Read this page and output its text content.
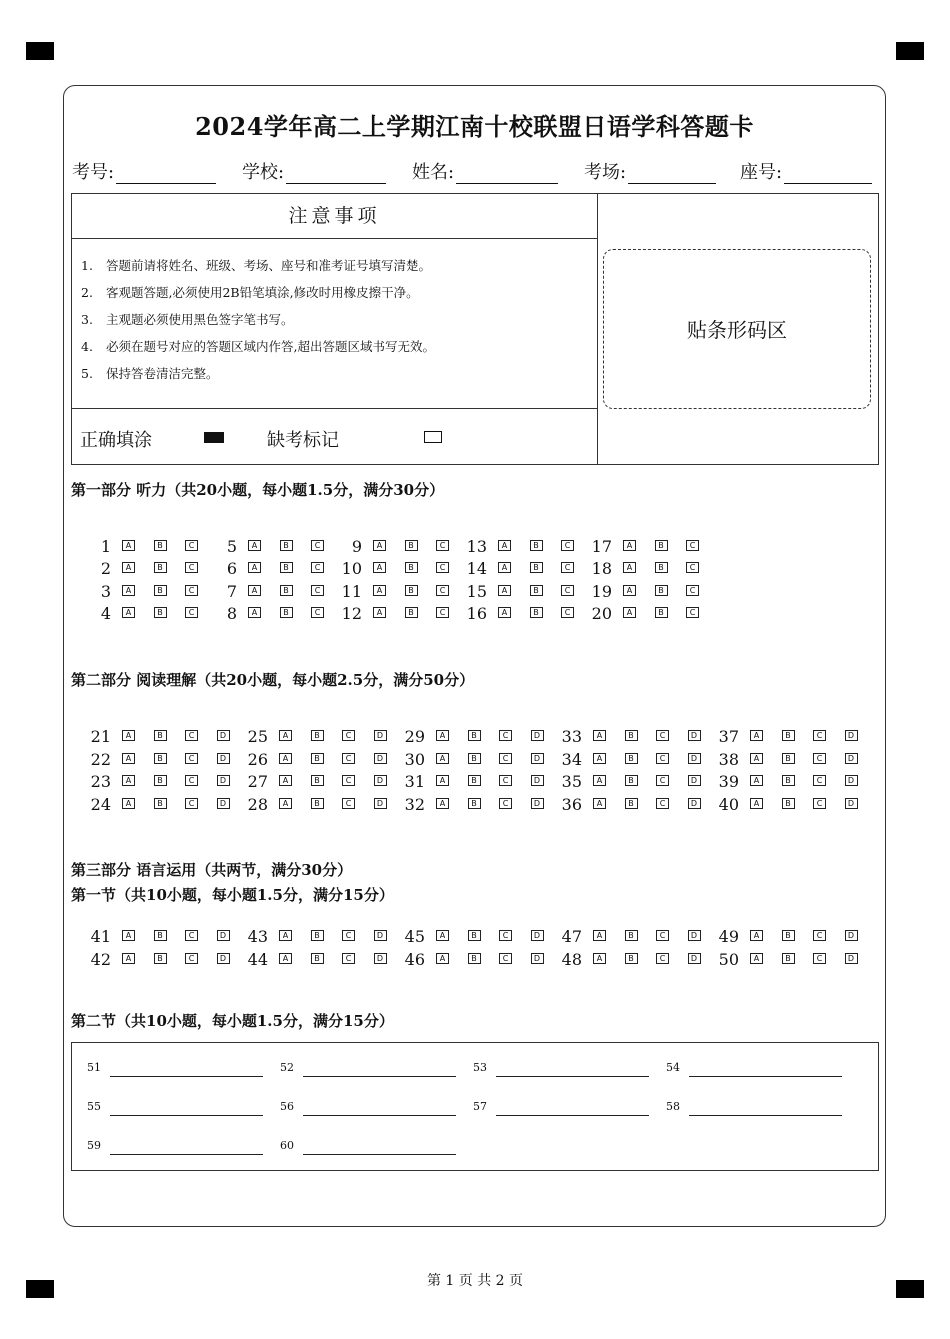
2024学年高二上学期江南十校联盟日语学科答题卡
考号:	学校:	姓名:	考场:	座号:
注意事项
1. 答题前请将姓名、班级、考场、座号和准考证号填写清楚。
2. 客观题答题,必须使用2B铅笔填涂,修改时用橡皮擦干净。
3. 主观题必须使用黑色签字笔书写。
4. 必须在题号对应的答题区域内作答,超出答题区域书写无效。
5. 保持答卷清洁完整。
正确填涂	缺考标记
贴条形码区
第一部分 听力（共20小题，每小题1.5分，满分30分）
1	A	B	C
2	A	B	C
3	A	B	C
4	A	B	C
5	A	B	C
6	A	B	C
7	A	B	C
8	A	B	C
9	A	B	C
10	A	B	C
11	A	B	C
12	A	B	C
13	A	B	C
14	A	B	C
15	A	B	C
16	A	B	C
17	A	B	C
18	A	B	C
19	A	B	C
20	A	B	C
第二部分 阅读理解（共20小题，每小题2.5分，满分50分）
21	A	B	C	D
22	A	B	C	D
23	A	B	C	D
24	A	B	C	D
25	A	B	C	D
26	A	B	C	D
27	A	B	C	D
28	A	B	C	D
29	A	B	C	D
30	A	B	C	D
31	A	B	C	D
32	A	B	C	D
33	A	B	C	D
34	A	B	C	D
35	A	B	C	D
36	A	B	C	D
37	A	B	C	D
38	A	B	C	D
39	A	B	C	D
40	A	B	C	D
第三部分 语言运用（共两节，满分30分）
第一节（共10小题，每小题1.5分，满分15分）
41	A	B	C	D
42	A	B	C	D
43	A	B	C	D
44	A	B	C	D
45	A	B	C	D
46	A	B	C	D
47	A	B	C	D
48	A	B	C	D
49	A	B	C	D
50	A	B	C	D
第二节（共10小题，每小题1.5分，满分15分）
51	52	53	54
55	56	57	58
59	60
第 1 页 共 2 页
